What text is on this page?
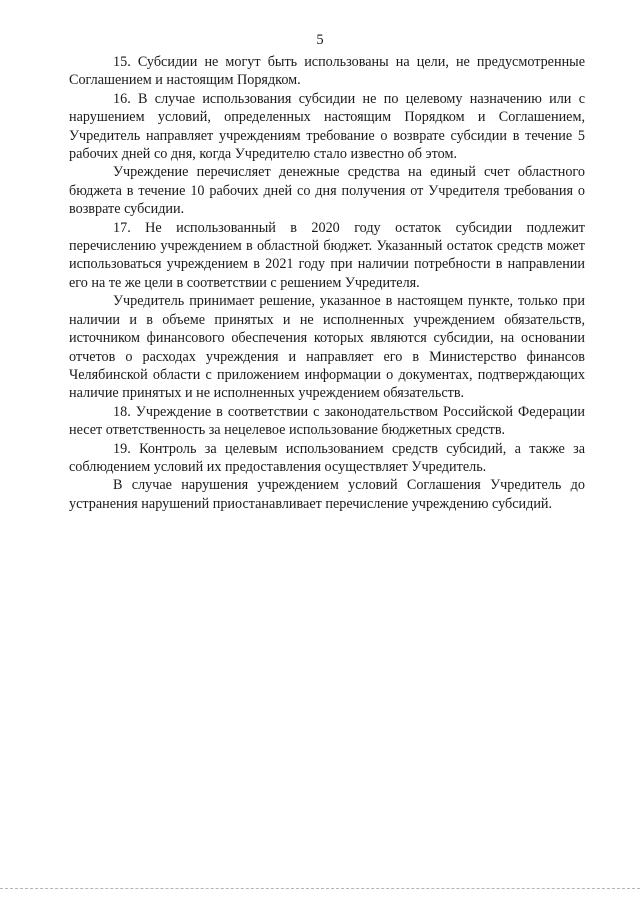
5

15. Субсидии не могут быть использованы на цели, не предусмотренные Соглашением и настоящим Порядком.

16. В случае использования субсидии не по целевому назначению или с нарушением условий, определенных настоящим Порядком и Соглашением, Учредитель направляет учреждениям требование о возврате субсидии в течение 5 рабочих дней со дня, когда Учредителю стало известно об этом.

Учреждение перечисляет денежные средства на единый счет областного бюджета в течение 10 рабочих дней со дня получения от Учредителя требования о возврате субсидии.

17. Не использованный в 2020 году остаток субсидии подлежит перечислению учреждением в областной бюджет. Указанный остаток средств может использоваться учреждением в 2021 году при наличии потребности в направлении его на те же цели в соответствии с решением Учредителя.

Учредитель принимает решение, указанное в настоящем пункте, только при наличии и в объеме принятых и не исполненных учреждением обязательств, источником финансового обеспечения которых являются субсидии, на основании отчетов о расходах учреждения и направляет его в Министерство финансов Челябинской области с приложением информации о документах, подтверждающих наличие принятых и не исполненных учреждением обязательств.

18. Учреждение в соответствии с законодательством Российской Федерации несет ответственность за нецелевое использование бюджетных средств.

19. Контроль за целевым использованием средств субсидий, а также за соблюдением условий их предоставления осуществляет Учредитель.

В случае нарушения учреждением условий Соглашения Учредитель до устранения нарушений приостанавливает перечисление учреждению субсидий.
